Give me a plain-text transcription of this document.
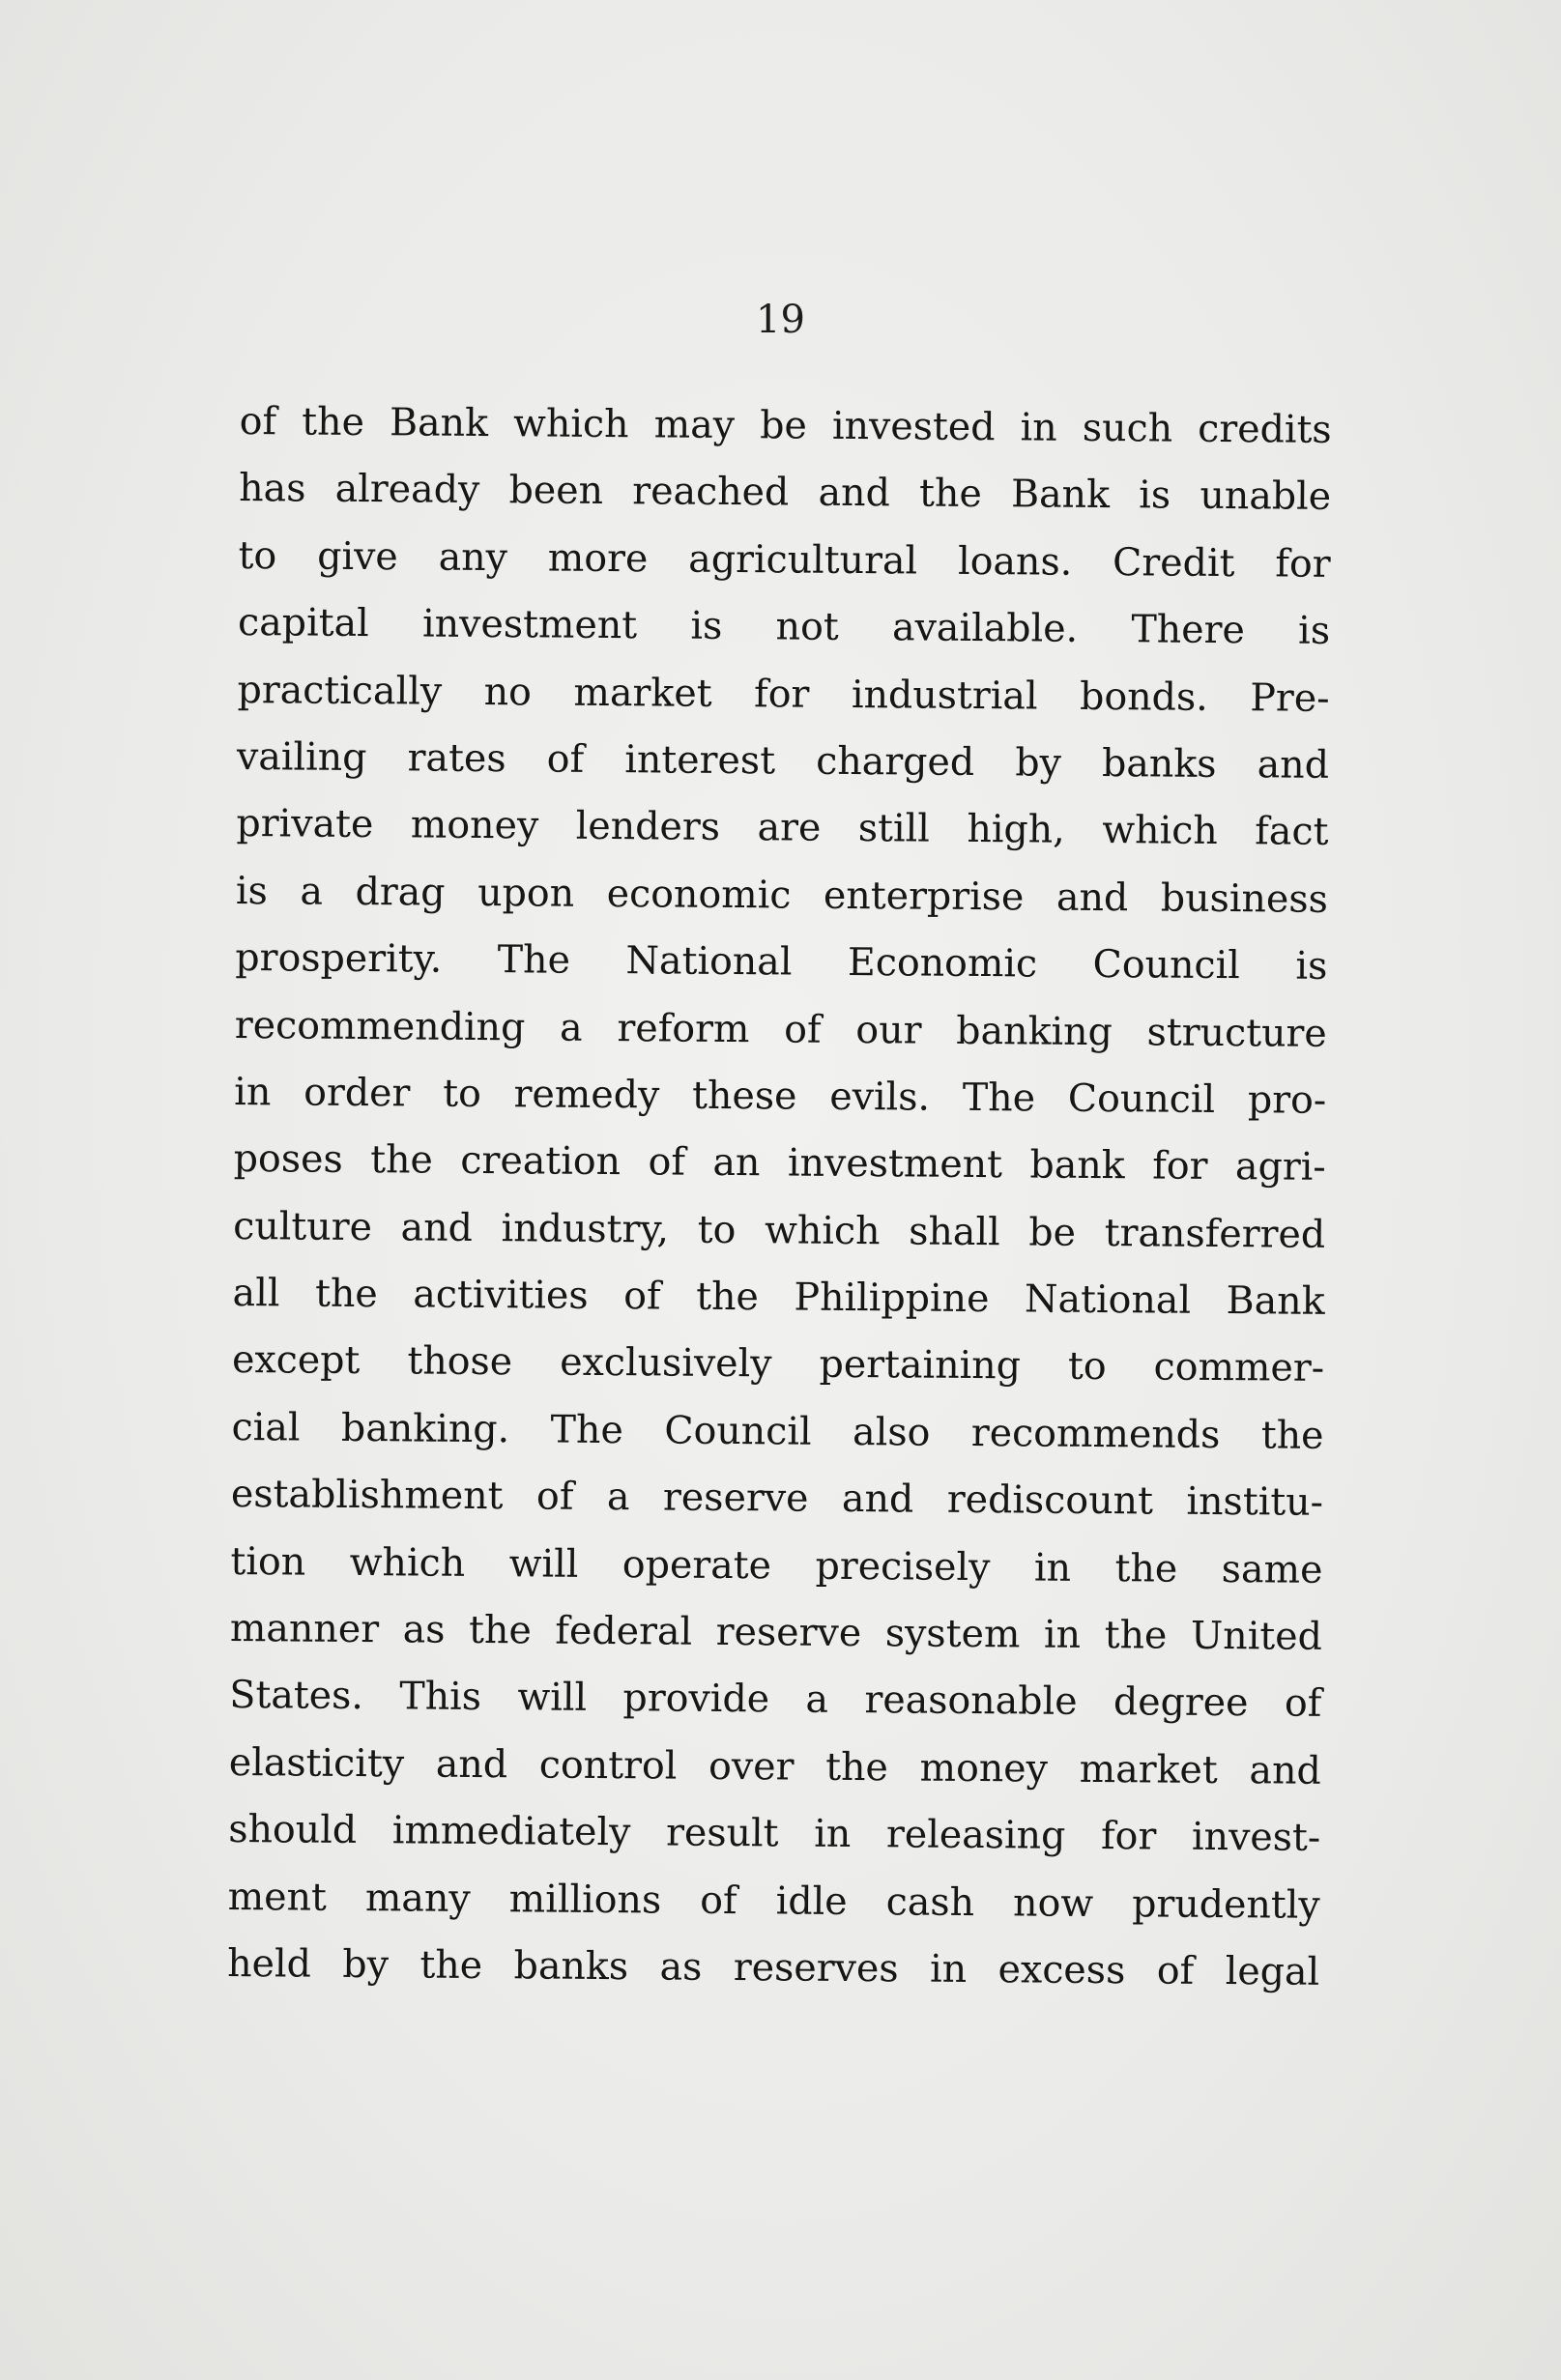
19
of the Bank which may be invested in such credits
has already been reached and the Bank is unable
to give any more agricultural loans. Credit for
capital investment is not available. There is
practically no market for industrial bonds. Pre-
vailing rates of interest charged by banks and
private money lenders are still high, which fact
is a drag upon economic enterprise and business
prosperity. The National Economic Council is
recommending a reform of our banking structure
in order to remedy these evils. The Council pro-
poses the creation of an investment bank for agri-
culture and industry, to which shall be transferred
all the activities of the Philippine National Bank
except those exclusively pertaining to commer-
cial banking. The Council also recommends the
establishment of a reserve and rediscount institu-
tion which will operate precisely in the same
manner as the federal reserve system in the United
States. This will provide a reasonable degree of
elasticity and control over the money market and
should immediately result in releasing for invest-
ment many millions of idle cash now prudently
held by the banks as reserves in excess of legal
